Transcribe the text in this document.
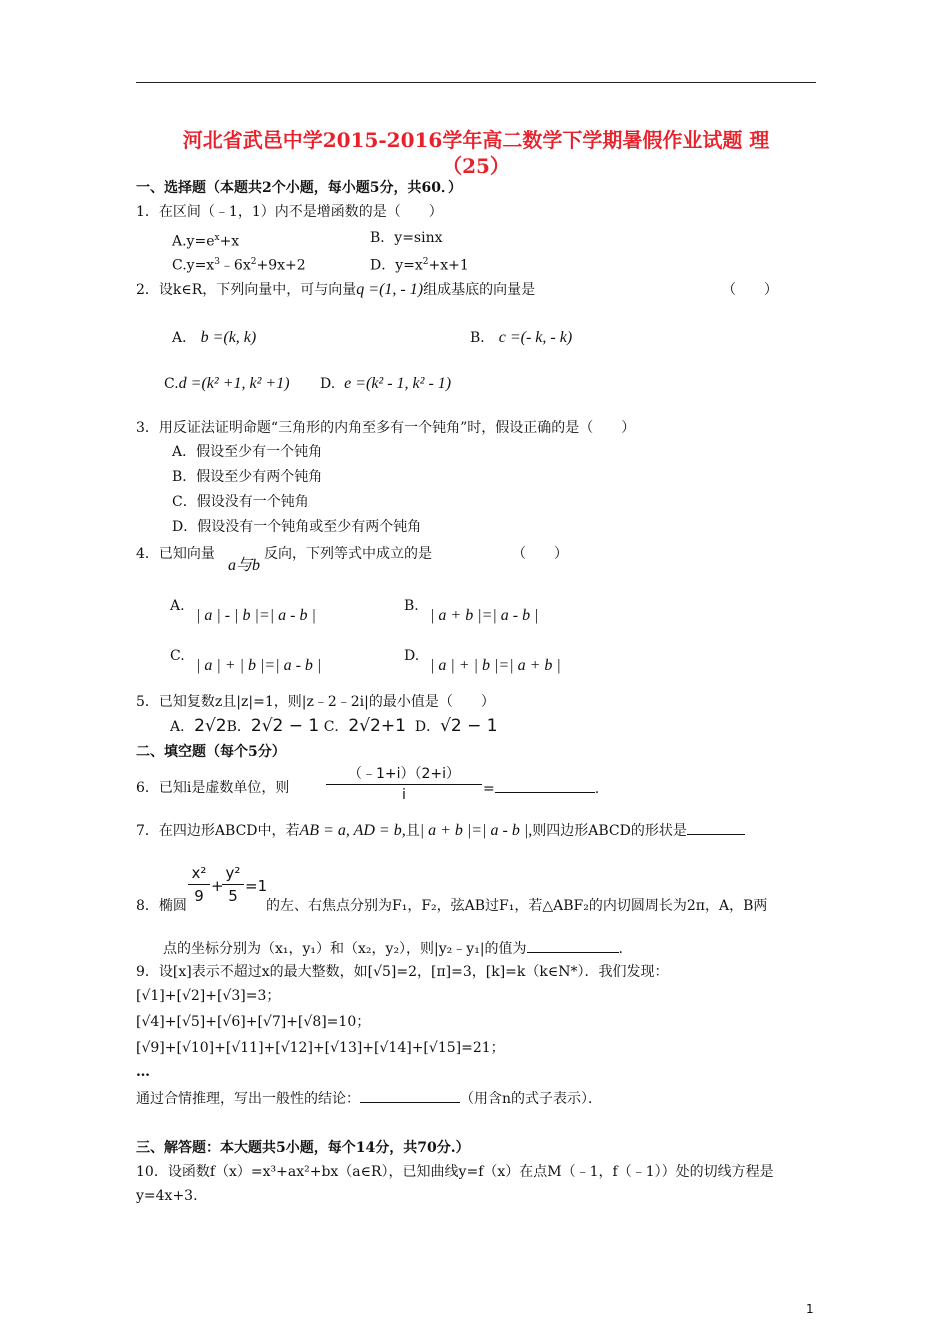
河北省武邑中学2015-2016学年高二数学下学期暑假作业试题 理
（25）
一、选择题（本题共2个小题，每小题5分，共60．）
1．在区间（﹣1，1）内不是增函数的是（　　）
$A.y=e^x+x$	B．y=sinx
$C.y=x^3﹣6x^2+9x+2$	D．$y=x^2+x+1$
2．设k∈R，下列向量中，可与向量q =(1, - 1)组成基底的向量是	（　　）
A． b =(k, k)	B． c =(- k, - k)
C.d =(k² +1, k² +1) D. e =(k² - 1, k² - 1)
3．用反证法证明命题“三角形的内角至多有一个钝角”时，假设正确的是（　　）
A．假设至少有一个钝角
B．假设至少有两个钝角
C．假设没有一个钝角
D．假设没有一个钝角或至少有两个钝角
4．已知向量
a与b
反向，下列等式中成立的是	（　　）
A.
| a | - | b |=| a - b |
B.
| a + b |=| a - b |
C.
| a | + | b |=| a - b |
D.
| a | + | b |=| a + b |
5．已知复数z且|z|=1，则|z﹣2﹣2i|的最小值是（　　）
A．2√2B．2√2 − 1 C．2√2+1 D．√2 − 1
二、填空题（每个5分）
6．已知i是虚数单位，则	$\frac{(﹣1+i)(2+i)}{i}$ =	.
7．在四边形ABCD中，若AB = a, AD = b,且| a + b |=| a - b |,则四边形ABCD的形状是
8．椭圆 $\frac{\text{x²}}{9}$ +
$\frac{\text{y²}}{5} =1$
的左、右焦点分别为F₁，F₂，弦AB过F₁，若△ABF₂的内切圆周长为2π，A，B两
点的坐标分别为（x₁，y₁）和（x₂，y₂），则|y₂﹣y₁|的值为	.
9．设[x]表示不超过x的最大整数，如[√5]=2，[π]=3，[k]=k（k∈N*）．我们发现：
[√1]+[√2]+[√3]=3；
[√4]+[√5]+[√6]+[√7]+[√8]=10；
[√9]+[√10]+[√11]+[√12]+[√13]+[√14]+[√15]=21；
…
通过合情推理，写出一般性的结论：	（用含n的式子表示）．
三、解答题：本大题共5小题，每个14分，共70分.）
10．设函数f（x）=x³+ax²+bx（a∈R），已知曲线y=f（x）在点M（﹣1，f（﹣1））处的切线方程是
y=4x+3.
1
